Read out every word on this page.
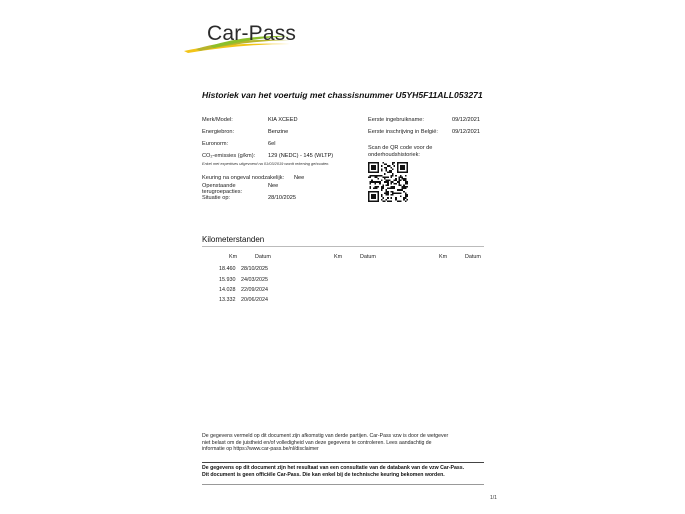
Car-Pass
Historiek van het voertuig met chassisnummer U5YH5F11ALL053271
Merk/Model:	KIA XCEED
Energiebron:	Benzine
Euronorm:	6el
CO₂-emissies (g/km): 129 (NEDC) - 145 (WLTP)
Enkel met expertises uitgevoerd na 01/03/2019 wordt rekening gehouden.
Keuring na ongeval noodzakelijk: Nee
Openstaande
terugroepacties:
Nee
Situatie op:	28/10/2025
Eerste ingebruikname:	09/12/2021
Eerste inschrijving in België:	09/12/2021
Scan de QR code voor de
onderhoudshistoriek:
Kilometerstanden
Km	Datum	Km	Datum	Km	Datum
18.460 28/10/2025
15.930 24/03/2025
14.028 22/09/2024
13.332 20/06/2024
De gegevens vermeld op dit document zijn afkomstig van derde partijen. Car-Pass vzw is door de wetgever
niet belast om de juistheid en/of volledigheid van deze gegevens te controleren. Lees aandachtig de
informatie op https://www.car-pass.be/nl/disclaimer
De gegevens op dit document zijn het resultaat van een consultatie van de databank van de vzw Car-Pass.
Dit document is geen officiële Car-Pass. Die kan enkel bij de technische keuring bekomen worden.
1/1
